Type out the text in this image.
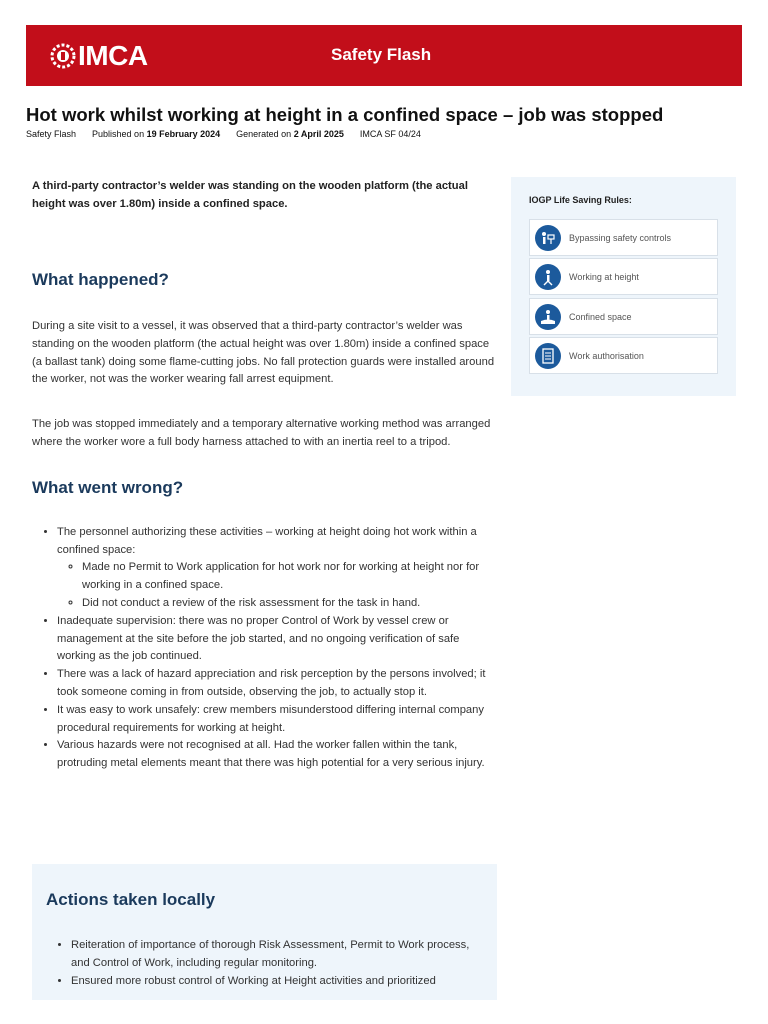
IMCA	Safety Flash
Hot work whilst working at height in a confined space – job was stopped
Safety Flash Published on 19 February 2024 Generated on 2 April 2025 IMCA SF 04/24

A third-party contractor’s welder was standing on the wooden platform (the actual height was over 1.80m) inside a confined space.

What happened?

During a site visit to a vessel, it was observed that a third-party contractor’s welder was standing on the wooden platform (the actual height was over 1.80m) inside a confined space (a ballast tank) doing some flame-cutting jobs. No fall protection guards were installed around the worker, not was the worker wearing fall arrest equipment.

The job was stopped immediately and a temporary alternative working method was arranged where the worker wore a full body harness attached to with an inertia reel to a tripod.

What went wrong?
• The personnel authorizing these activities – working at height doing hot work within a confined space:
◦ Made no Permit to Work application for hot work nor for working at height nor for working in a confined space.
◦ Did not conduct a review of the risk assessment for the task in hand.
• Inadequate supervision: there was no proper Control of Work by vessel crew or management at the site before the job started, and no ongoing verification of safe working as the job continued.
• There was a lack of hazard appreciation and risk perception by the persons involved; it took someone coming in from outside, observing the job, to actually stop it.
• It was easy to work unsafely: crew members misunderstood differing internal company procedural requirements for working at height.
• Various hazards were not recognised at all. Had the worker fallen within the tank, protruding metal elements meant that there was high potential for a very serious injury.
Actions taken locally
• Reiteration of importance of thorough Risk Assessment, Permit to Work process, and Control of Work, including regular monitoring.
• Ensured more robust control of Working at Height activities and prioritized
IOGP Life Saving Rules:
Bypassing safety controls
Working at height
Confined space
Work authorisation
